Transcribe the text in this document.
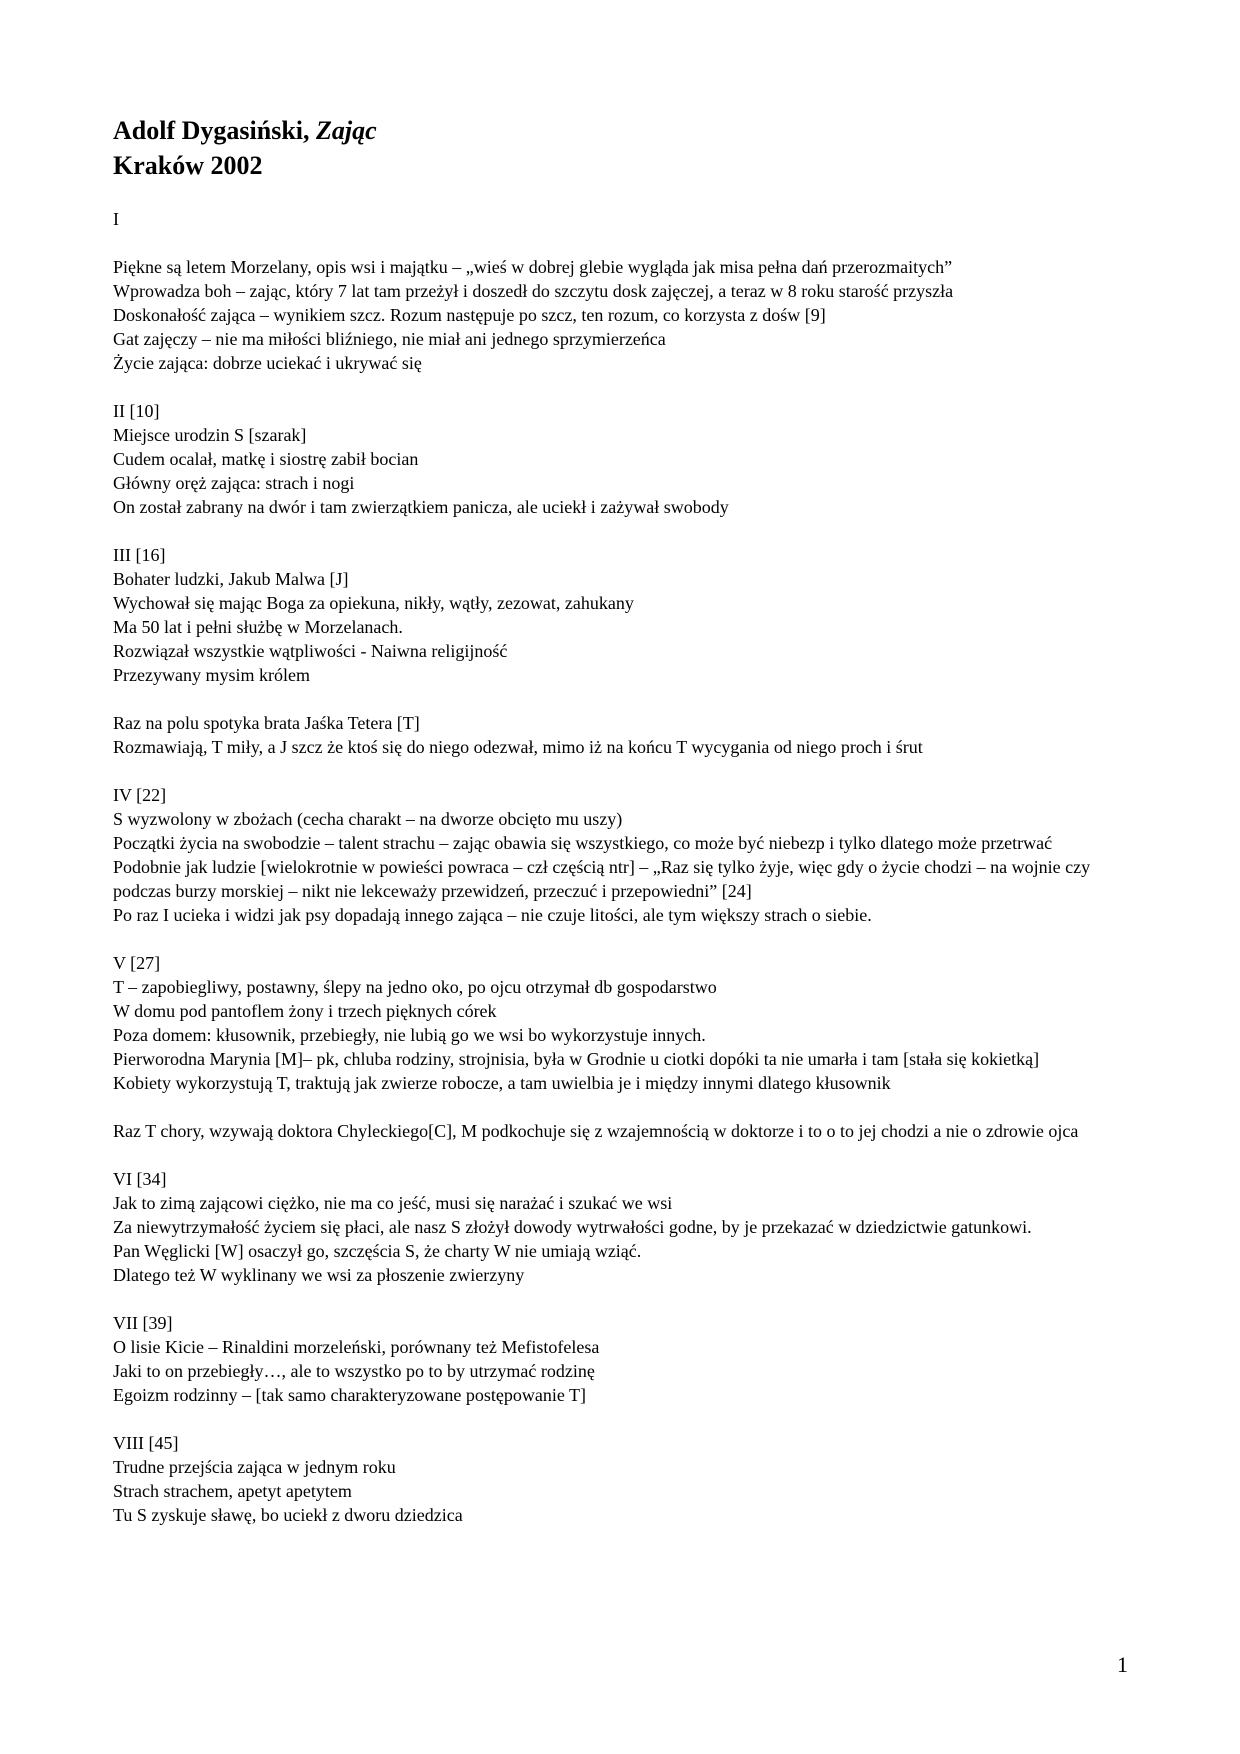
Adolf Dygasiński, Zając
Kraków 2002

I

Piękne są letem Morzelany, opis wsi i majątku – „wieś w dobrej glebie wygląda jak misa pełna dań przerozmaitych”

Wprowadza boh – zając, który 7 lat tam przeżył i doszedł do szczytu dosk zajęczej, a teraz w 8 roku starość przyszła

Doskonałość zająca – wynikiem szcz. Rozum następuje po szcz, ten rozum, co korzysta z dośw [9]

Gat zajęczy – nie ma miłości bliźniego, nie miał ani jednego sprzymierzeńca

Życie zająca: dobrze uciekać i ukrywać się

II [10]

Miejsce urodzin S [szarak]

Cudem ocalał, matkę i siostrę zabił bocian

Główny oręż zająca: strach i nogi

On został zabrany na dwór i tam zwierzątkiem panicza, ale uciekł i zażywał swobody

III [16]

Bohater ludzki, Jakub Malwa [J]

Wychował się mając Boga za opiekuna, nikły, wątły, zezowat, zahukany

Ma 50 lat i pełni służbę w Morzelanach.

Rozwiązał wszystkie wątpliwości - Naiwna religijność

Przezywany mysim królem

Raz na polu spotyka brata Jaśka Tetera [T]

Rozmawiają, T miły, a J szcz że ktoś się do niego odezwał, mimo iż na końcu T wycygania od niego proch i śrut

IV [22]

S wyzwolony w zbożach (cecha charakt – na dworze obcięto mu uszy)

Początki życia na swobodzie – talent strachu – zając obawia się wszystkiego, co może być niebezp i tylko dlatego może przetrwać

Podobnie jak ludzie [wielokrotnie w powieści powraca – czł częścią ntr] – „Raz się tylko żyje, więc gdy o życie chodzi – na wojnie czy podczas burzy morskiej – nikt nie lekceważy przewidzeń, przeczuć i przepowiedni” [24]

Po raz I ucieka i widzi jak psy dopadają innego zająca – nie czuje litości, ale tym większy strach o siebie.

V [27]

T – zapobiegliwy, postawny, ślepy na jedno oko, po ojcu otrzymał db gospodarstwo

W domu pod pantoflem żony i trzech pięknych córek

Poza domem: kłusownik, przebiegły, nie lubią go we wsi bo wykorzystuje innych.

Pierworodna Marynia [M]– pk, chluba rodziny, strojnisia, była w Grodnie u ciotki dopóki ta nie umarła i tam [stała się kokietką]

Kobiety wykorzystują T, traktują jak zwierze robocze, a tam uwielbia je i między innymi dlatego kłusownik

Raz T chory, wzywają doktora Chyleckiego[C], M podkochuje się z wzajemnością w doktorze i to o to jej chodzi a nie o zdrowie ojca

VI [34]

Jak to zimą zającowi ciężko, nie ma co jeść, musi się narażać i szukać we wsi

Za niewytrzymałość życiem się płaci, ale nasz S złożył dowody wytrwałości godne, by je przekazać w dziedzictwie gatunkowi.

Pan Węglicki [W] osaczył go, szczęścia S, że charty W nie umiają wziąć.

Dlatego też W wyklinany we wsi za płoszenie zwierzyny

VII [39]

O lisie Kicie – Rinaldini morzeleński, porównany też Mefistofelesa

Jaki to on przebiegły…, ale to wszystko po to by utrzymać rodzinę

Egoizm rodzinny – [tak samo charakteryzowane postępowanie T]

VIII [45]

Trudne przejścia zająca w jednym roku

Strach strachem, apetyt apetytem

Tu S zyskuje sławę, bo uciekł z dworu dziedzica

1
